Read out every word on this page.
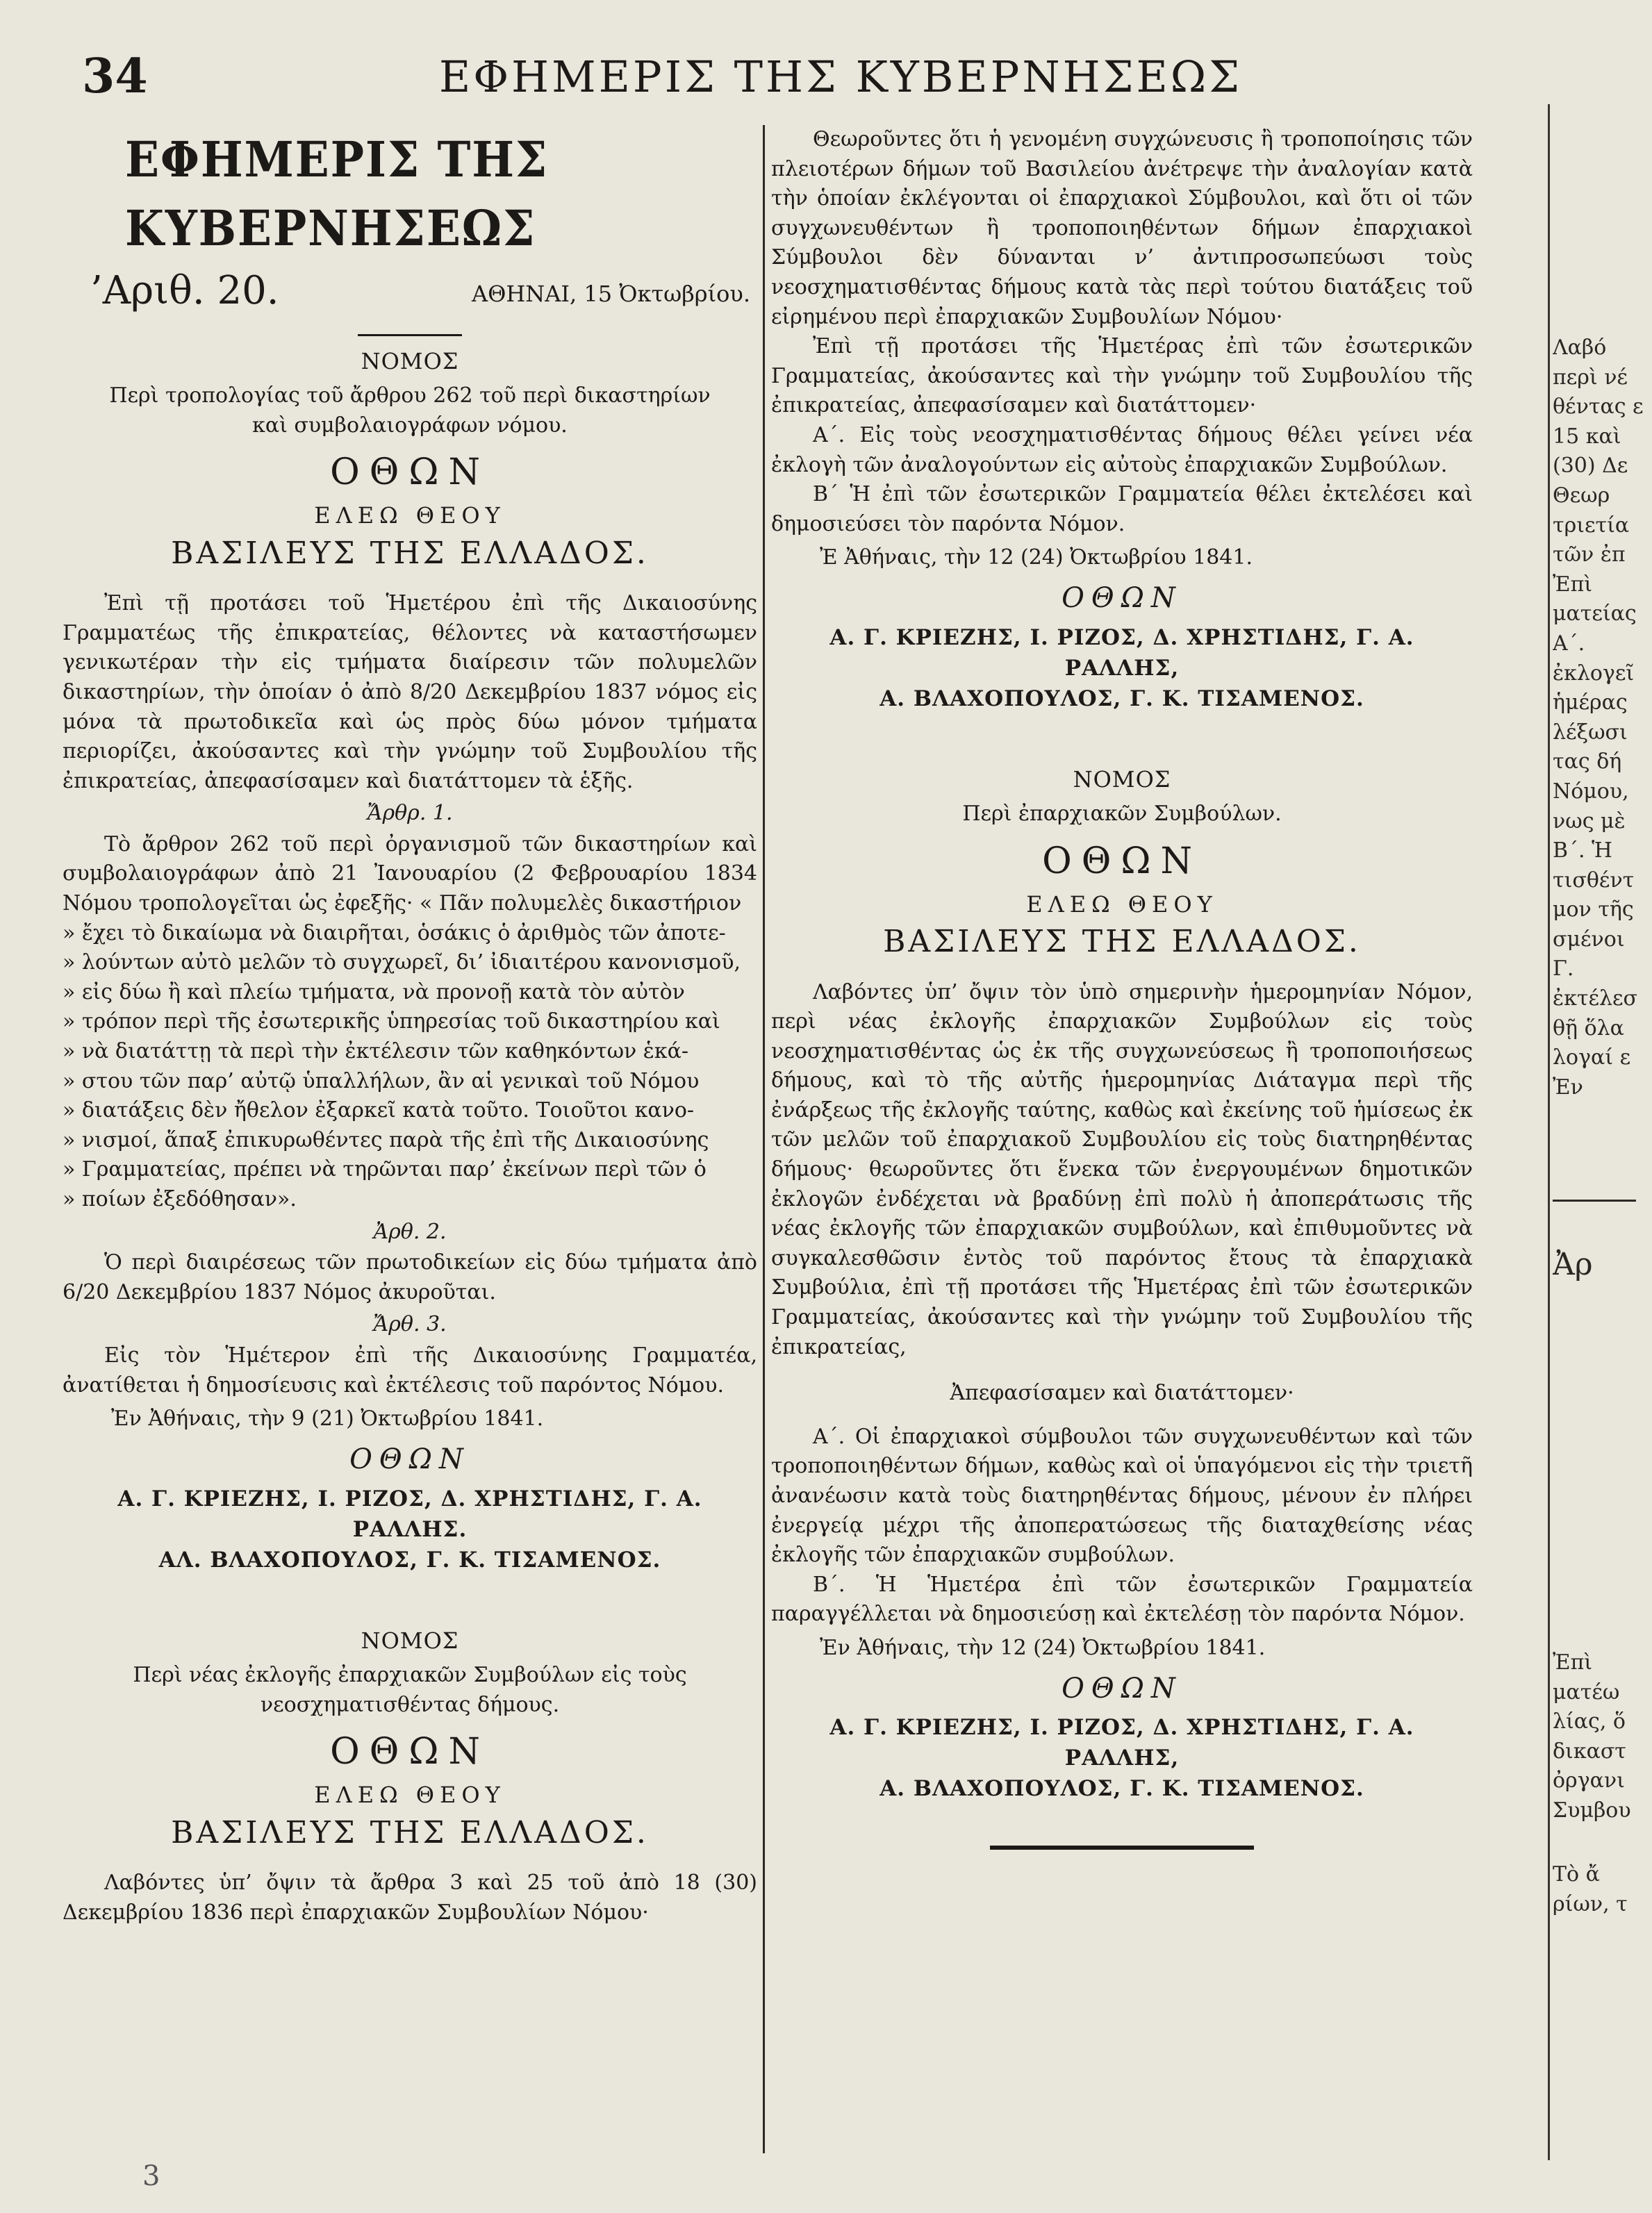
34	ΕΦΗΜΕΡΙΣ ΤΗΣ ΚΥΒΕΡΝΗΣΕΩΣ

ΕΦΗΜΕΡΙΣ ΤΗΣ ΚΥΒΕΡΝΗΣΕΩΣ

’Αριθ. 20.	ΑΘΗΝΑΙ, 15 Ὀκτωβρίου.

ΝΟΜΟΣ

Περὶ τροπολογίας τοῦ ἄρθρου 262 τοῦ περὶ δικαστηρίων

καὶ συμβολαιογράφων νόμου.

ΟΘΩΝ

ΕΛΕΩ ΘΕΟΥ

ΒΑΣΙΛΕΥΣ ΤΗΣ ΕΛΛΑΔΟΣ.

Ἐπὶ τῇ προτάσει τοῦ Ἡμετέρου ἐπὶ τῆς Δικαιοσύνης Γραμματέως τῆς ἐπικρατείας, θέλοντες νὰ καταστήσωμεν γενικωτέραν τὴν εἰς τμήματα διαίρεσιν τῶν πολυμελῶν δικαστηρίων, τὴν ὁποίαν ὁ ἀπὸ 8/20 Δεκεμβρίου 1837 νόμος εἰς μόνα τὰ πρωτοδικεῖα καὶ ὡς πρὸς δύω μόνον τμήματα περιορίζει, ἀκούσαντες καὶ τὴν γνώμην τοῦ Συμβουλίου τῆς ἐπικρατείας, ἀπεφασίσαμεν καὶ διατάττομεν τὰ ἑξῆς.

Ἄρθρ. 1.

Τὸ ἄρθρον 262 τοῦ περὶ ὀργανισμοῦ τῶν δικαστηρίων καὶ συμβολαιογράφων ἀπὸ 21 Ἰανουαρίου (2 Φεβρουαρίου 1834 Νόμου τροπολογεῖται ὡς ἐφεξῆς· « Πᾶν πολυμελὲς δικαστήριον

» ἔχει τὸ δικαίωμα νὰ διαιρῆται, ὁσάκις ὁ ἀριθμὸς τῶν ἀποτε-

» λούντων αὐτὸ μελῶν τὸ συγχωρεῖ, δι’ ἰδιαιτέρου κανονισμοῦ,

» εἰς δύω ἢ καὶ πλείω τμήματα, νὰ προνοῇ κατὰ τὸν αὐτὸν

» τρόπον περὶ τῆς ἐσωτερικῆς ὑπηρεσίας τοῦ δικαστηρίου καὶ

» νὰ διατάττῃ τὰ περὶ τὴν ἐκτέλεσιν τῶν καθηκόντων ἑκά-

» στου τῶν παρ’ αὐτῷ ὑπαλλήλων, ἂν αἱ γενικαὶ τοῦ Νόμου

» διατάξεις δὲν ἤθελον ἐξαρκεῖ κατὰ τοῦτο. Τοιοῦτοι κανο-

» νισμοί, ἅπαξ ἐπικυρωθέντες παρὰ τῆς ἐπὶ τῆς Δικαιοσύνης

» Γραμματείας, πρέπει νὰ τηρῶνται παρ’ ἐκείνων περὶ τῶν ὁ

» ποίων ἐξεδόθησαν».

Ἀρθ. 2.

Ὁ περὶ διαιρέσεως τῶν πρωτοδικείων εἰς δύω τμήματα ἀπὸ 6/20 Δεκεμβρίου 1837 Νόμος ἀκυροῦται.

Ἄρθ. 3.

Εἰς τὸν Ἡμέτερον ἐπὶ τῆς Δικαιοσύνης Γραμματέα, ἀνατίθεται ἡ δημοσίευσις καὶ ἐκτέλεσις τοῦ παρόντος Νόμου.

Ἐν Ἀθήναις, τὴν 9 (21) Ὀκτωβρίου 1841.

ΟΘΩΝ

Α. Γ. ΚΡΙΕΖΗΣ, Ι. ΡΙΖΟΣ, Δ. ΧΡΗΣΤΙΔΗΣ, Γ. Α. ΡΑΛΛΗΣ.

ΑΛ. ΒΛΑΧΟΠΟΥΛΟΣ, Γ. Κ. ΤΙΣΑΜΕΝΟΣ.

ΝΟΜΟΣ

Περὶ νέας ἐκλογῆς ἐπαρχιακῶν Συμβούλων εἰς τοὺς

νεοσχηματισθέντας δήμους.

ΟΘΩΝ

ΕΛΕΩ ΘΕΟΥ

ΒΑΣΙΛΕΥΣ ΤΗΣ ΕΛΛΑΔΟΣ.

Λαβόντες ὑπ’ ὄψιν τὰ ἄρθρα 3 καὶ 25 τοῦ ἀπὸ 18 (30) Δεκεμβρίου 1836 περὶ ἐπαρχιακῶν Συμβουλίων Νόμου·

3

Θεωροῦντες ὅτι ἡ γενομένη συγχώνευσις ἢ τροποποίησις τῶν πλειοτέρων δήμων τοῦ Βασιλείου ἀνέτρεψε τὴν ἀναλογίαν κατὰ τὴν ὁποίαν ἐκλέγονται οἱ ἐπαρχιακοὶ Σύμβουλοι, καὶ ὅτι οἱ τῶν συγχωνευθέντων ἢ τροποποιηθέντων δήμων ἐπαρχιακοὶ Σύμβουλοι δὲν δύνανται ν’ ἀντιπροσωπεύωσι τοὺς νεοσχηματισθέντας δήμους κατὰ τὰς περὶ τούτου διατάξεις τοῦ εἰρημένου περὶ ἐπαρχιακῶν Συμβουλίων Νόμου·

Ἐπὶ τῇ προτάσει τῆς Ἡμετέρας ἐπὶ τῶν ἐσωτερικῶν Γραμματείας, ἀκούσαντες καὶ τὴν γνώμην τοῦ Συμβουλίου τῆς ἐπικρατείας, ἀπεφασίσαμεν καὶ διατάττομεν·

Α΄. Εἰς τοὺς νεοσχηματισθέντας δήμους θέλει γείνει νέα ἐκλογὴ τῶν ἀναλογούντων εἰς αὐτοὺς ἐπαρχιακῶν Συμβούλων.

Β΄ Ἡ ἐπὶ τῶν ἐσωτερικῶν Γραμματεία θέλει ἐκτελέσει καὶ δημοσιεύσει τὸν παρόντα Νόμον.

Ἐ Ἀθήναις, τὴν 12 (24) Ὀκτωβρίου 1841.

ΟΘΩΝ

Α. Γ. ΚΡΙΕΖΗΣ, Ι. ΡΙΖΟΣ, Δ. ΧΡΗΣΤΙΔΗΣ, Γ. Α. ΡΑΛΛΗΣ,

Α. ΒΛΑΧΟΠΟΥΛΟΣ, Γ. Κ. ΤΙΣΑΜΕΝΟΣ.

ΝΟΜΟΣ

Περὶ ἐπαρχιακῶν Συμβούλων.

ΟΘΩΝ

ΕΛΕΩ ΘΕΟΥ

ΒΑΣΙΛΕΥΣ ΤΗΣ ΕΛΛΑΔΟΣ.

Λαβόντες ὑπ’ ὄψιν τὸν ὑπὸ σημερινὴν ἡμερομηνίαν Νόμον, περὶ νέας ἐκλογῆς ἐπαρχιακῶν Συμβούλων εἰς τοὺς νεοσχηματισθέντας ὡς ἐκ τῆς συγχωνεύσεως ἢ τροποποιήσεως δήμους, καὶ τὸ τῆς αὐτῆς ἡμερομηνίας Διάταγμα περὶ τῆς ἐνάρξεως τῆς ἐκλογῆς ταύτης, καθὼς καὶ ἐκείνης τοῦ ἡμίσεως ἐκ τῶν μελῶν τοῦ ἐπαρχιακοῦ Συμβουλίου εἰς τοὺς διατηρηθέντας δήμους· θεωροῦντες ὅτι ἕνεκα τῶν ἐνεργουμένων δημοτικῶν ἐκλογῶν ἐνδέχεται νὰ βραδύνῃ ἐπὶ πολὺ ἡ ἀποπεράτωσις τῆς νέας ἐκλογῆς τῶν ἐπαρχιακῶν συμβούλων, καὶ ἐπιθυμοῦντες νὰ συγκαλεσθῶσιν ἐντὸς τοῦ παρόντος ἔτους τὰ ἐπαρχιακὰ Συμβούλια, ἐπὶ τῇ προτάσει τῆς Ἡμετέρας ἐπὶ τῶν ἐσωτερικῶν Γραμματείας, ἀκούσαντες καὶ τὴν γνώμην τοῦ Συμβουλίου τῆς ἐπικρατείας,

Ἀπεφασίσαμεν καὶ διατάττομεν·

Α΄. Οἱ ἐπαρχιακοὶ σύμβουλοι τῶν συγχωνευθέντων καὶ τῶν τροποποιηθέντων δήμων, καθὼς καὶ οἱ ὑπαγόμενοι εἰς τὴν τριετῆ ἀνανέωσιν κατὰ τοὺς διατηρηθέντας δήμους, μένουν ἐν πλήρει ἐνεργείᾳ μέχρι τῆς ἀποπερατώσεως τῆς διαταχθείσης νέας ἐκλογῆς τῶν ἐπαρχιακῶν συμβούλων.

Β΄. Ἡ Ἡμετέρα ἐπὶ τῶν ἐσωτερικῶν Γραμματεία παραγγέλλεται νὰ δημοσιεύσῃ καὶ ἐκτελέσῃ τὸν παρόντα Νόμον.

Ἐν Ἀθήναις, τὴν 12 (24) Ὀκτωβρίου 1841.

ΟΘΩΝ

Α. Γ. ΚΡΙΕΖΗΣ, Ι. ΡΙΖΟΣ, Δ. ΧΡΗΣΤΙΔΗΣ, Γ. Α. ΡΑΛΛΗΣ,

Α. ΒΛΑΧΟΠΟΥΛΟΣ, Γ. Κ. ΤΙΣΑΜΕΝΟΣ.

Λαβό

περὶ νέ

θέντας ε

15 καὶ

(30) Δε

Θεωρ

τριετία

τῶν ἐπ

Ἐπὶ

ματείας

Α΄.

ἐκλογεῖ

ἡμέρας

λέξωσι

τας δή

Νόμου,

νως μὲ

Β΄. Ἡ

τισθέντ

μον τῆς

σμένοι

Γ.

ἐκτέλεσ

θῇ ὅλα

λογαί ε

Ἐν

Ἀρ

Ἐπὶ

ματέω

λίας, ὅ

δικαστ

ὀργανι

Συμβου

Τὸ ἄ

ρίων, τ
